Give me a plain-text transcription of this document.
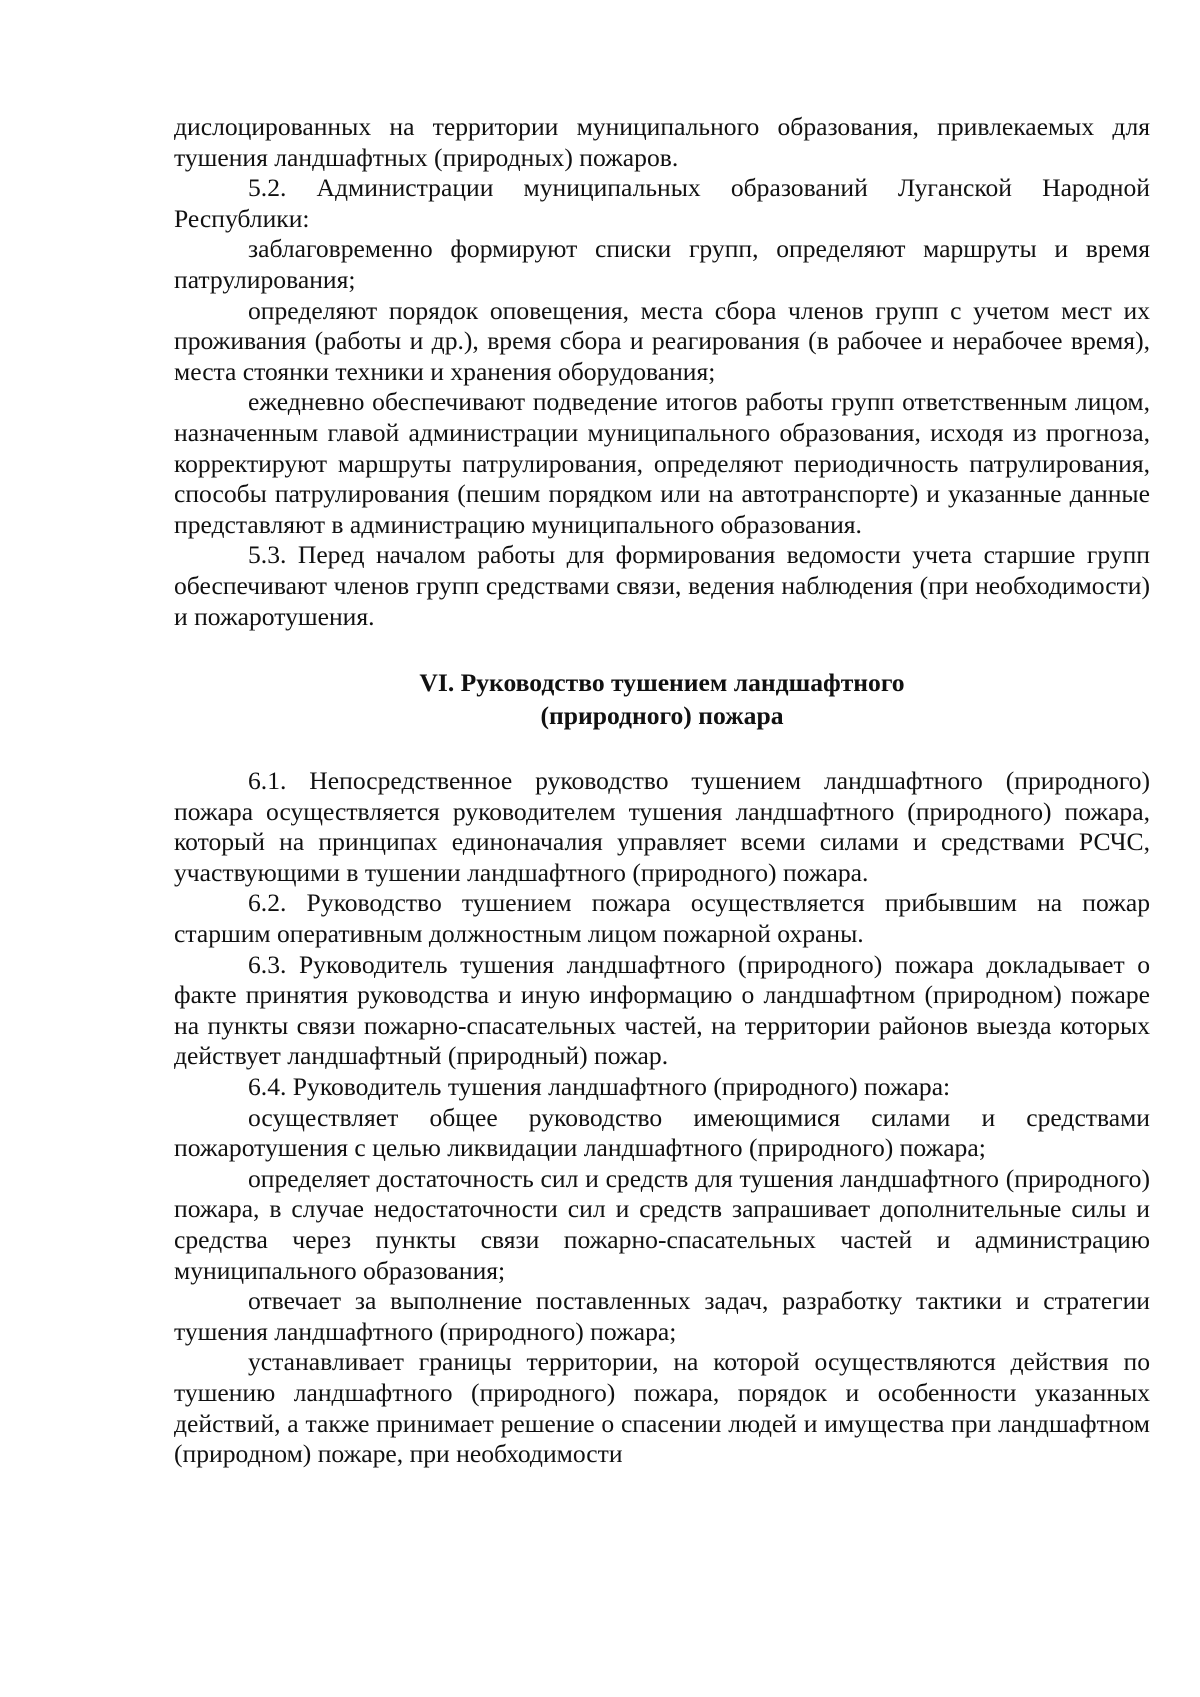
дислоцированных на территории муниципального образования, привлекаемых для тушения ландшафтных (природных) пожаров.

5.2. Администрации муниципальных образований Луганской Народной Республики:

заблаговременно формируют списки групп, определяют маршруты и время патрулирования;

определяют порядок оповещения, места сбора членов групп с учетом мест их проживания (работы и др.), время сбора и реагирования (в рабочее и нерабочее время), места стоянки техники и хранения оборудования;

ежедневно обеспечивают подведение итогов работы групп ответственным лицом, назначенным главой администрации муниципального образования, исходя из прогноза, корректируют маршруты патрулирования, определяют периодичность патрулирования, способы патрулирования (пешим порядком или на автотранспорте) и указанные данные представляют в администрацию муниципального образования.

5.3. Перед началом работы для формирования ведомости учета старшие групп обеспечивают членов групп средствами связи, ведения наблюдения (при необходимости) и пожаротушения.

VI. Руководство тушением ландшафтного
(природного) пожара

6.1. Непосредственное руководство тушением ландшафтного (природного) пожара осуществляется руководителем тушения ландшафтного (природного) пожара, который на принципах единоначалия управляет всеми силами и средствами РСЧС, участвующими в тушении ландшафтного (природного) пожара.

6.2. Руководство тушением пожара осуществляется прибывшим на пожар старшим оперативным должностным лицом пожарной охраны.

6.3. Руководитель тушения ландшафтного (природного) пожара докладывает о факте принятия руководства и иную информацию о ландшафтном (природном) пожаре на пункты связи пожарно-спасательных частей, на территории районов выезда которых действует ландшафтный (природный) пожар.

6.4. Руководитель тушения ландшафтного (природного) пожара:

осуществляет общее руководство имеющимися силами и средствами пожаротушения с целью ликвидации ландшафтного (природного) пожара;

определяет достаточность сил и средств для тушения ландшафтного (природного) пожара, в случае недостаточности сил и средств запрашивает дополнительные силы и средства через пункты связи пожарно-спасательных частей и администрацию муниципального образования;

отвечает за выполнение поставленных задач, разработку тактики и стратегии тушения ландшафтного (природного) пожара;

устанавливает границы территории, на которой осуществляются действия по тушению ландшафтного (природного) пожара, порядок и особенности указанных действий, а также принимает решение о спасении людей и имущества при ландшафтном (природном) пожаре, при необходимости
